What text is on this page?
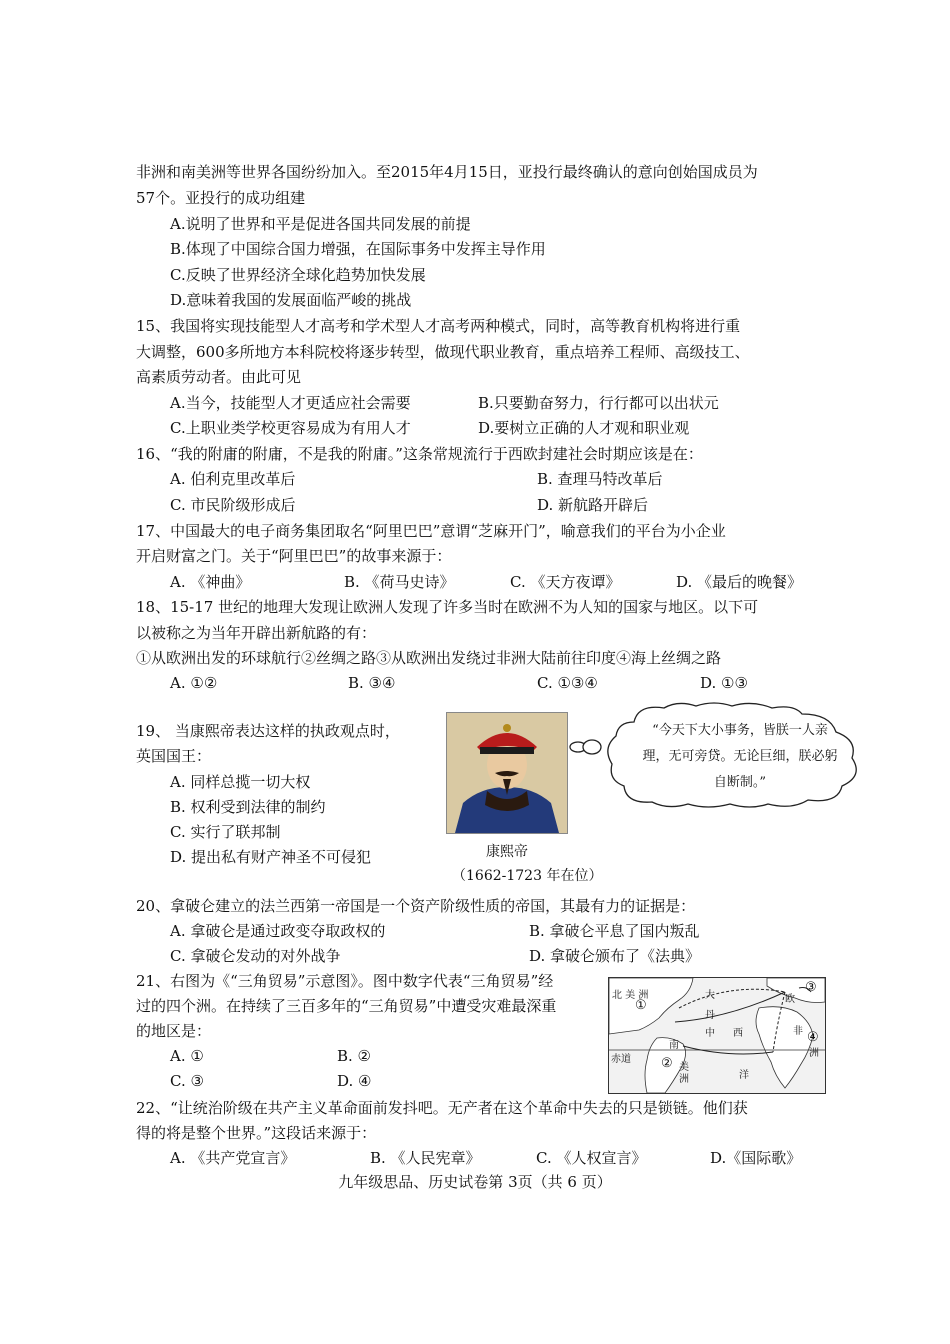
非洲和南美洲等世界各国纷纷加入。至2015年4月15日，亚投行最终确认的意向创始国成员为
57个。亚投行的成功组建
A.说明了世界和平是促进各国共同发展的前提
B.体现了中国综合国力增强，在国际事务中发挥主导作用
C.反映了世界经济全球化趋势加快发展
D.意味着我国的发展面临严峻的挑战
15、我国将实现技能型人才高考和学术型人才高考两种模式，同时，高等教育机构将进行重
大调整，600多所地方本科院校将逐步转型，做现代职业教育，重点培养工程师、高级技工、
高素质劳动者。由此可见
A.当今，技能型人才更适应社会需要	B.只要勤奋努力，行行都可以出状元
C.上职业类学校更容易成为有用人才	D.要树立正确的人才观和职业观
16、“我的附庸的附庸，不是我的附庸。”这条常规流行于西欧封建社会时期应该是在：
A. 伯利克里改革后	B. 查理马特改革后
C. 市民阶级形成后	D. 新航路开辟后
17、中国最大的电子商务集团取名“阿里巴巴”意谓“芝麻开门”，喻意我们的平台为小企业
开启财富之门。关于“阿里巴巴”的故事来源于：
A. 《神曲》	B. 《荷马史诗》	C. 《天方夜谭》	D. 《最后的晚餐》
18、15-17 世纪的地理大发现让欧洲人发现了许多当时在欧洲不为人知的国家与地区。以下可
以被称之为当年开辟出新航路的有：
①从欧洲出发的环球航行②丝绸之路③从欧洲出发绕过非洲大陆前往印度④海上丝绸之路
A. ①②	B. ③④	C. ①③④	D. ①③
19、 当康熙帝表达这样的执政观点时，
英国国王：
A. 同样总揽一切大权
B. 权利受到法律的制约
C. 实行了联邦制
D. 提出私有财产神圣不可侵犯	康熙帝
（1662-1723 年在位）
“今天下大小事务，皆朕一人亲理，无可旁贷。无论巨细，朕必躬自断制。”
20、拿破仑建立的法兰西第一帝国是一个资产阶级性质的帝国，其最有力的证据是：
A. 拿破仑是通过政变夺取政权的	B. 拿破仑平息了国内叛乱
C. 拿破仑发动的对外战争	D. 拿破仑颁布了《法典》
21、右图为《“三角贸易”示意图》。图中数字代表“三角贸易”经
过的四个洲。在持续了三百多年的“三角贸易”中遭受灾难最深重
的地区是：
A. ①	B. ②
C. ③	D. ④
北 美 洲
①
大
丹
欧
③
中 西	非 ④
洲
南
②
赤道
美
洲	洋
22、“让统治阶级在共产主义革命面前发抖吧。无产者在这个革命中失去的只是锁链。他们获
得的将是整个世界。”这段话来源于：
A. 《共产党宣言》	B. 《人民宪章》	C. 《人权宣言》	D.《国际歌》
九年级思品、历史试卷第 3页（共 6 页）
